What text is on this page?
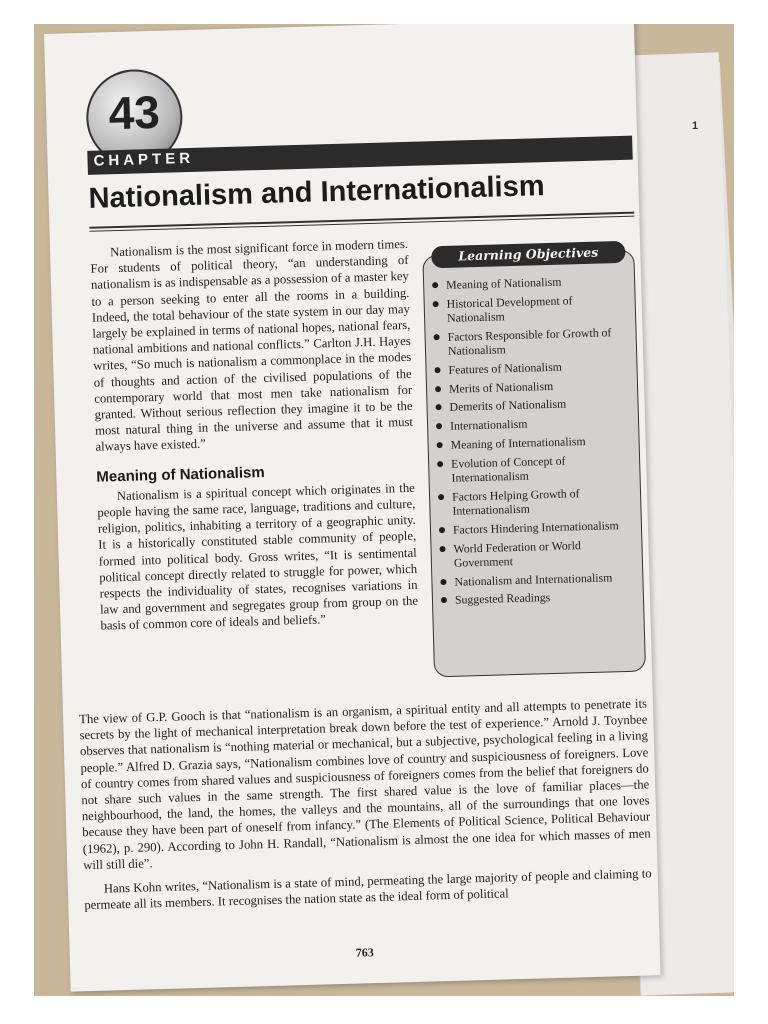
1
43
CHAPTER
Nationalism and Internationalism

Nationalism is the most significant force in modern times. For students of political theory, “an understanding of nationalism is as indispensable as a possession of a master key to a person seeking to enter all the rooms in a building. Indeed, the total behaviour of the state system in our day may largely be explained in terms of national hopes, national fears, national ambitions and national conflicts.” Carlton J.H. Hayes writes, “So much is nationalism a commonplace in the modes of thoughts and action of the civilised populations of the contemporary world that most men take nationalism for granted. Without serious reflection they imagine it to be the most natural thing in the universe and assume that it must always have existed.”

Meaning of Nationalism

Nationalism is a spiritual concept which originates in the people having the same race, language, traditions and culture, religion, politics, inhabiting a territory of a geographic unity. It is a historically constituted stable community of people, formed into political body. Gross writes, “It is sentimental political concept directly related to struggle for power, which respects the individuality of states, recognises variations in law and government and segregates group from group on the basis of common core of ideals and beliefs.”

Learning Objectives
Meaning of Nationalism
Historical Development of Nationalism
Factors Responsible for Growth of Nationalism
Features of Nationalism
Merits of Nationalism
Demerits of Nationalism
Internationalism
Meaning of Internationalism
Evolution of Concept of Internationalism
Factors Helping Growth of Internationalism
Factors Hindering Internationalism
World Federation or World Government
Nationalism and Internationalism
Suggested Readings

The view of G.P. Gooch is that “nationalism is an organism, a spiritual entity and all attempts to penetrate its secrets by the light of mechanical interpretation break down before the test of experience.” Arnold J. Toynbee observes that nationalism is “nothing material or mechanical, but a subjective, psychological feeling in a living people.” Alfred D. Grazia says, “Nationalism combines love of country and suspiciousness of foreigners. Love of country comes from shared values and suspiciousness of foreigners comes from the belief that foreigners do not share such values in the same strength. The first shared value is the love of familiar places—the neighbourhood, the land, the homes, the valleys and the mountains, all of the surroundings that one loves because they have been part of oneself from infancy.” (The Elements of Political Science, Political Behaviour (1962), p. 290). According to John H. Randall, “Nationalism is almost the one idea for which masses of men will still die”.

Hans Kohn writes, “Nationalism is a state of mind, permeating the large majority of people and claiming to permeate all its members. It recognises the nation state as the ideal form of political

763
